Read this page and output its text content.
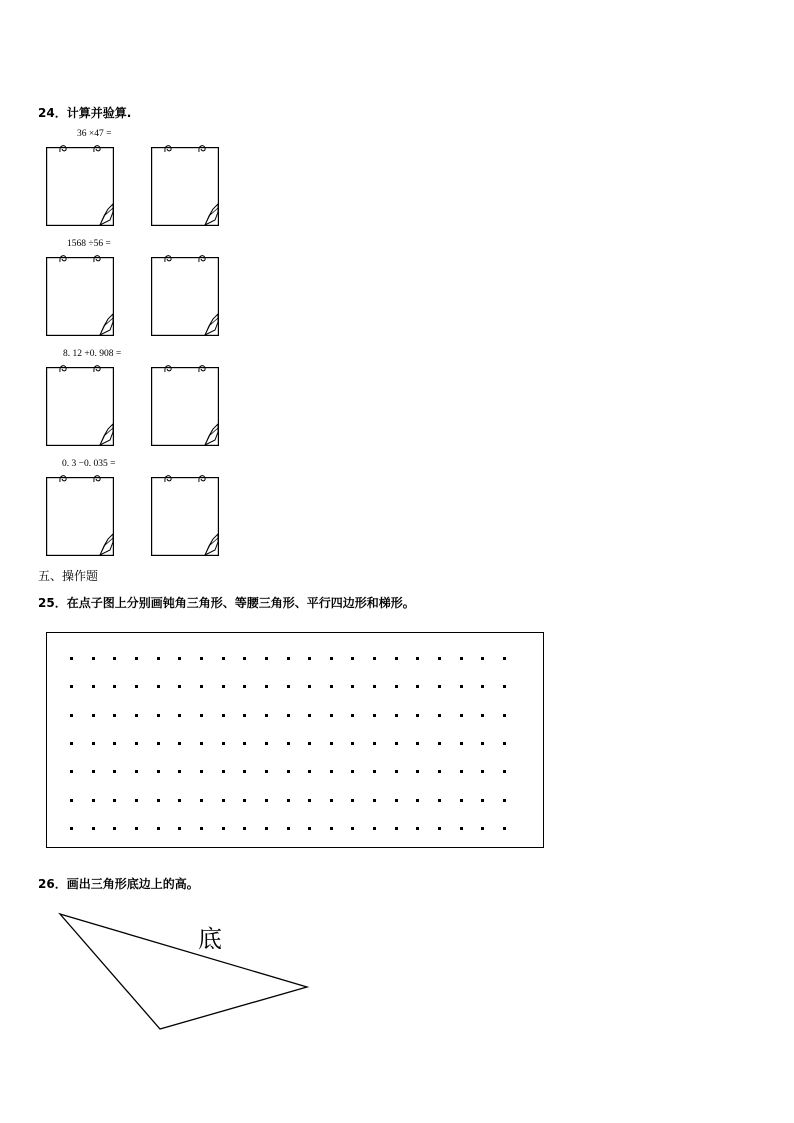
24．计算并验算.
36 ×47 =
1568 ÷56 =
8. 12 +0. 908 =
0. 3 −0. 035 =
五、操作题
25．在点子图上分别画钝角三角形、等腰三角形、平行四边形和梯形。
26．画出三角形底边上的高。
底
